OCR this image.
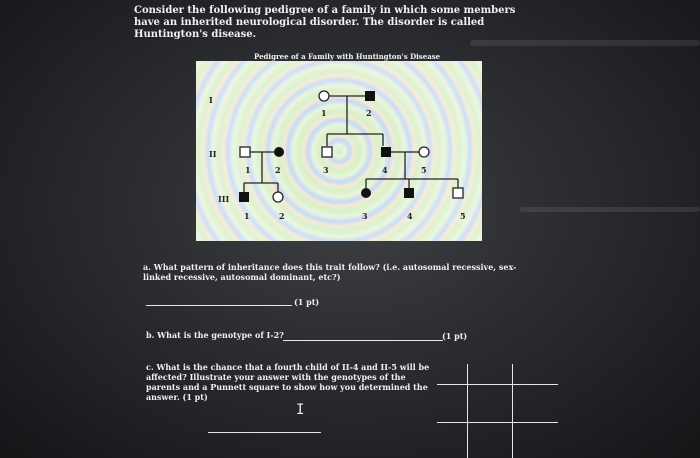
Consider the following pedigree of a family in which some members have an inherited neurological disorder. The disorder is called Huntington's disease.
Pedigree of a Family with Huntington's Disease
I
II
III
1	2
1	2	3	4	5
1	2	3	4	5
a. What pattern of inheritance does this trait follow? (i.e. autosomal recessive, sex-linked recessive, autosomal dominant, etc?)
(1 pt)
b. What is the genotype of I-2?	(1 pt)
c. What is the chance that a fourth child of II-4 and II-5 will be affected? Illustrate your answer with the genotypes of the parents and a Punnett square to show how you determined the answer. (1 pt)
I
